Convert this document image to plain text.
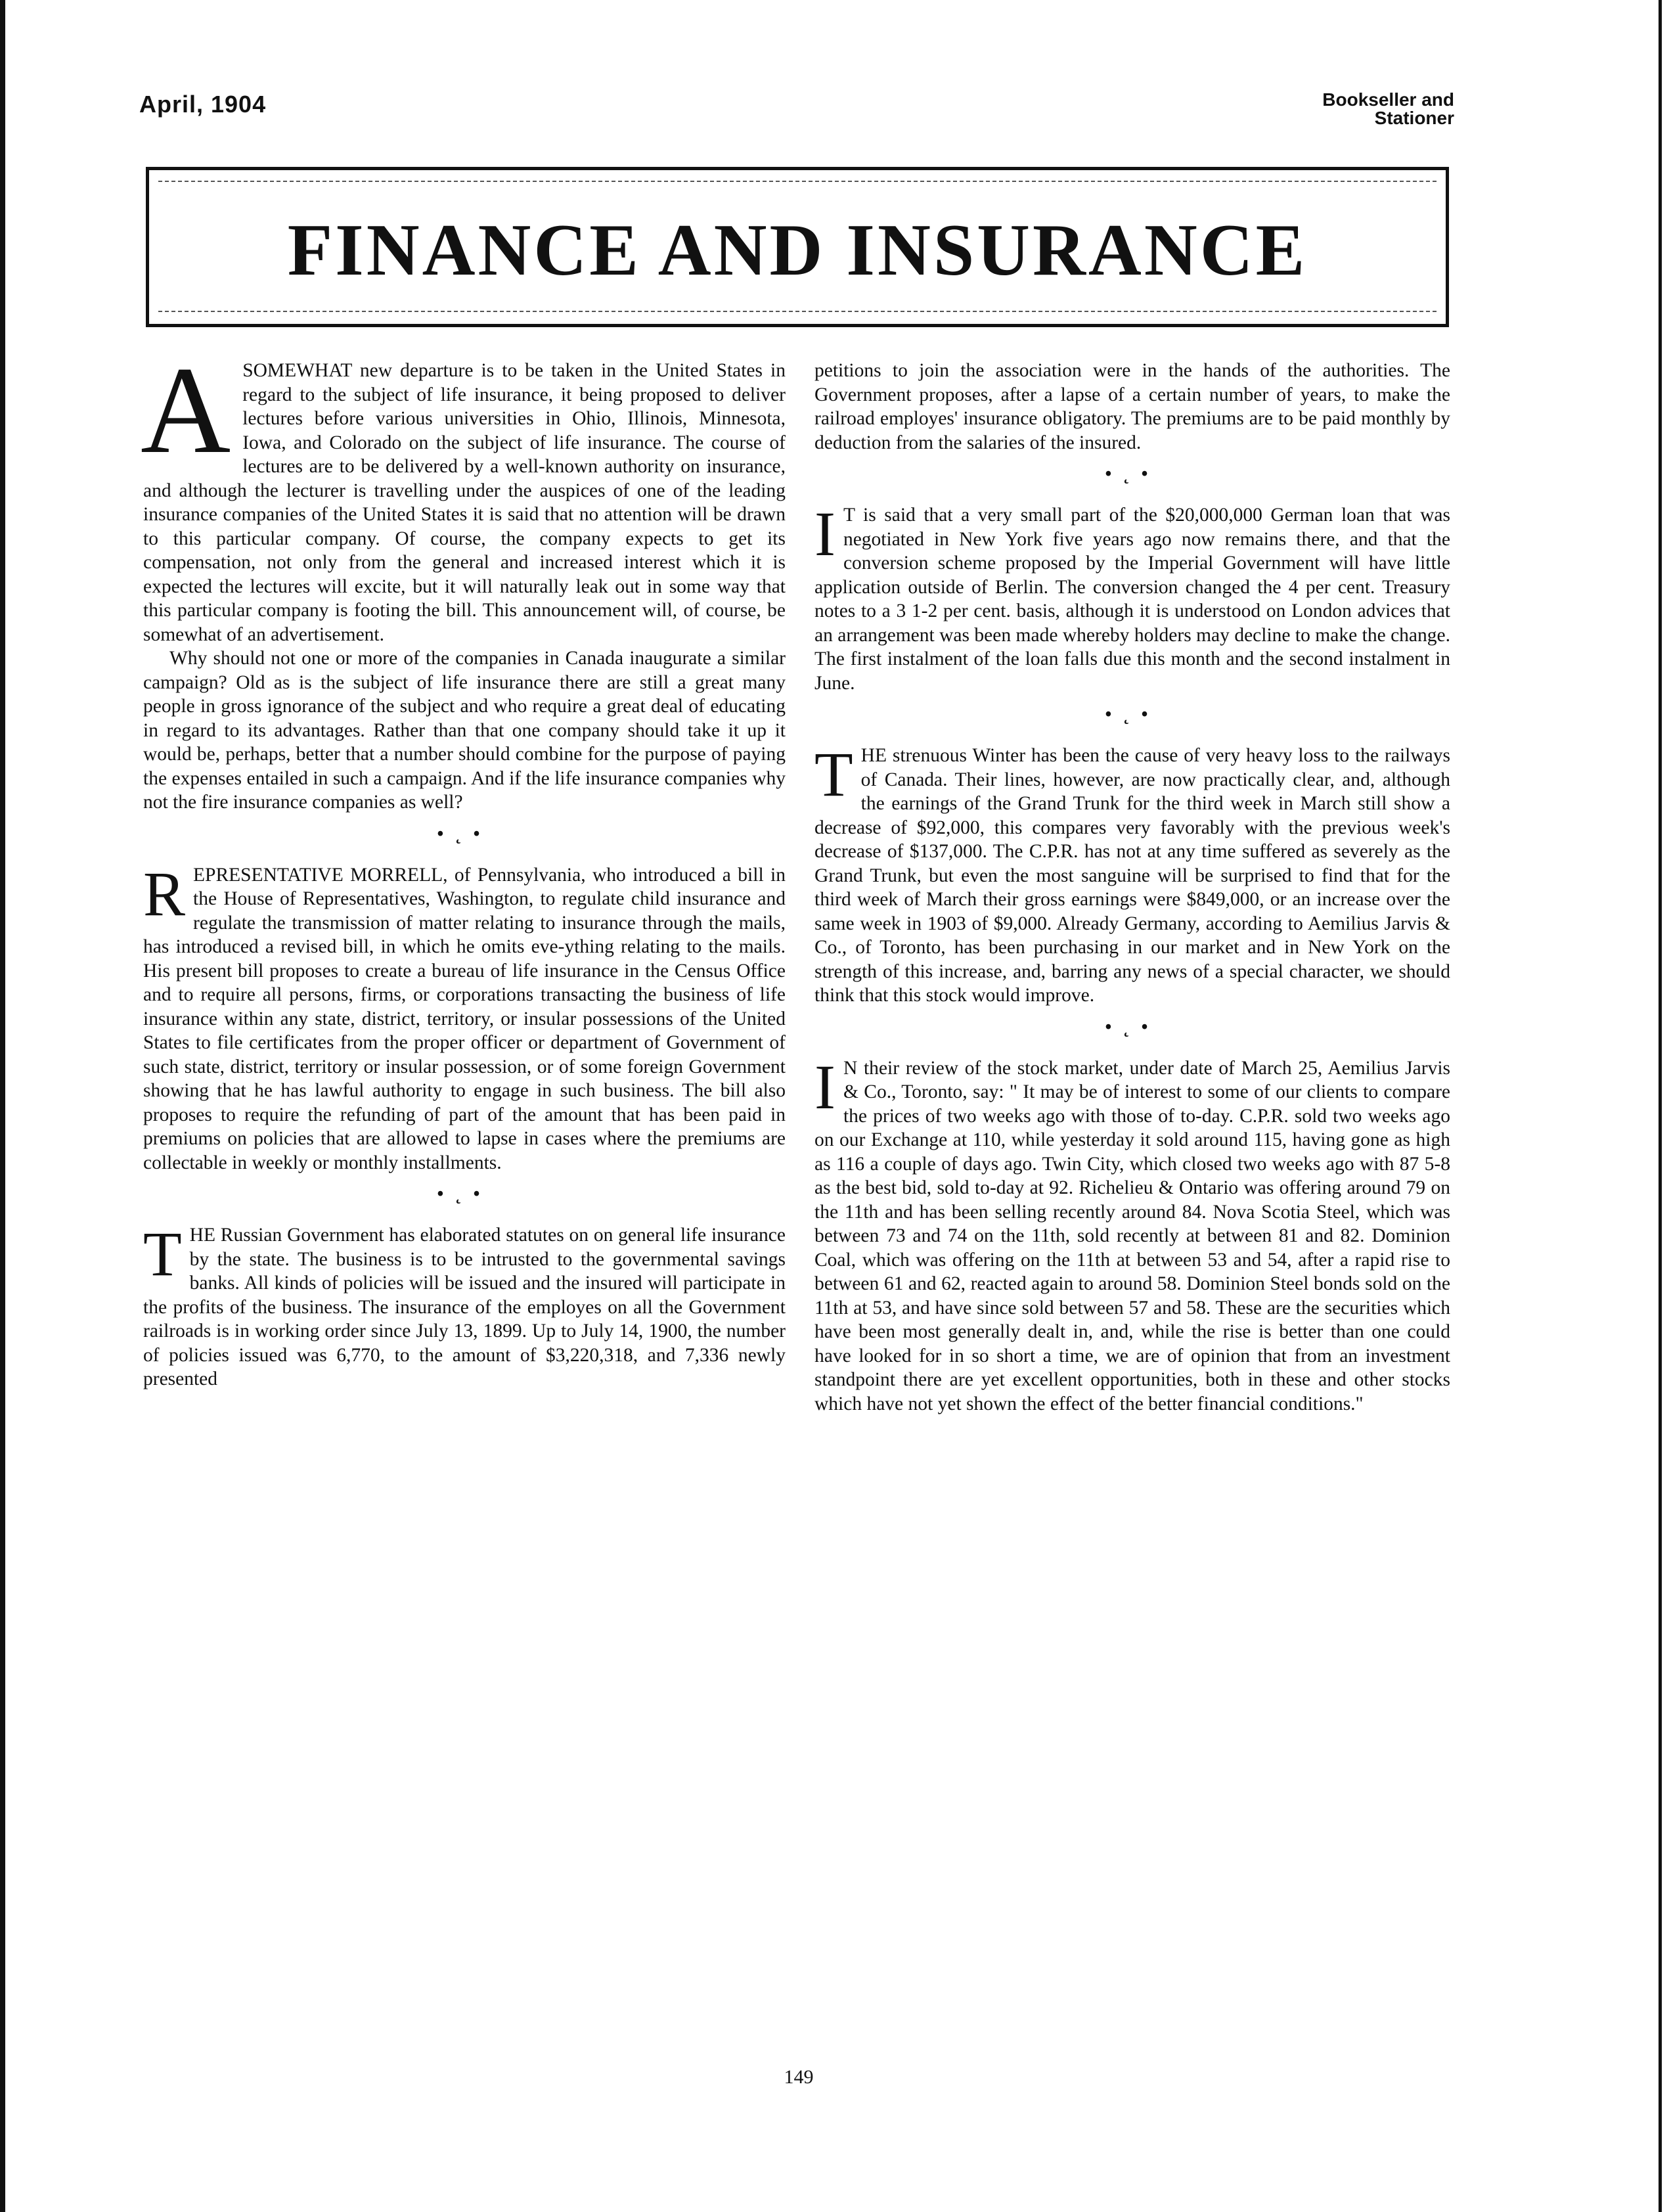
April, 1904	Bookseller and
Stationer
FINANCE AND INSURANCE

ASOMEWHAT new departure is to be taken in the United States in regard to the subject of life insurance, it being proposed to deliver lectures before various universities in Ohio, Illinois, Minnesota, Iowa, and Colorado on the subject of life insurance. The course of lectures are to be delivered by a well-known authority on insurance, and although the lecturer is travelling under the auspices of one of the leading insurance companies of the United States it is said that no attention will be drawn to this particular company. Of course, the company expects to get its compensation, not only from the general and increased interest which it is expected the lectures will excite, but it will naturally leak out in some way that this particular company is footing the bill. This announcement will, of course, be somewhat of an advertisement.

Why should not one or more of the companies in Canada inaugurate a similar campaign? Old as is the subject of life insurance there are still a great many people in gross ignorance of the subject and who require a great deal of educating in regard to its advantages. Rather than that one company should take it up it would be, perhaps, better that a number should combine for the purpose of paying the expenses entailed in such a campaign. And if the life insurance companies why not the fire insurance companies as well?

•˛•

REPRESENTATIVE MORRELL, of Pennsylvania, who introduced a bill in the House of Representatives, Washington, to regulate child insurance and regulate the transmission of matter relating to insurance through the mails, has introduced a revised bill, in which he omits eve-ything relating to the mails. His present bill proposes to create a bureau of life insurance in the Census Office and to require all persons, firms, or corporations transacting the business of life insurance within any state, district, territory, or insular possessions of the United States to file certificates from the proper officer or department of Government of such state, district, territory or insular possession, or of some foreign Government showing that he has lawful authority to engage in such business. The bill also proposes to require the refunding of part of the amount that has been paid in premiums on policies that are allowed to lapse in cases where the premiums are collectable in weekly or monthly installments.

•˛•

THE Russian Government has elaborated statutes on on general life insurance by the state. The business is to be intrusted to the governmental savings banks. All kinds of policies will be issued and the insured will participate in the profits of the business. The insurance of the employes on all the Government railroads is in working order since July 13, 1899. Up to July 14, 1900, the number of policies issued was 6,770, to the amount of $3,220,318, and 7,336 newly presented

petitions to join the association were in the hands of the authorities. The Government proposes, after a lapse of a certain number of years, to make the railroad employes' insurance obligatory. The premiums are to be paid monthly by deduction from the salaries of the insured.

•˛•

I T is said that a very small part of the $20,000,000 German loan that was negotiated in New York five years ago now remains there, and that the conversion scheme proposed by the Imperial Government will have little application outside of Berlin. The conversion changed the 4 per cent. Treasury notes to a 3 1-2 per cent. basis, although it is understood on London advices that an arrangement was been made whereby holders may decline to make the change. The first instalment of the loan falls due this month and the second instalment in June.

•˛•

THE strenuous Winter has been the cause of very heavy loss to the railways of Canada. Their lines, however, are now practically clear, and, although the earnings of the Grand Trunk for the third week in March still show a decrease of $92,000, this compares very favorably with the previous week's decrease of $137,000. The C.P.R. has not at any time suffered as severely as the Grand Trunk, but even the most sanguine will be surprised to find that for the third week of March their gross earnings were $849,000, or an increase over the same week in 1903 of $9,000. Already Germany, according to Aemilius Jarvis & Co., of Toronto, has been purchasing in our market and in New York on the strength of this increase, and, barring any news of a special character, we should think that this stock would improve.

•˛•

I N their review of the stock market, under date of March 25, Aemilius Jarvis & Co., Toronto, say: " It may be of interest to some of our clients to compare the prices of two weeks ago with those of to-day. C.P.R. sold two weeks ago on our Exchange at 110, while yesterday it sold around 115, having gone as high as 116 a couple of days ago. Twin City, which closed two weeks ago with 87 5-8 as the best bid, sold to-day at 92. Richelieu & Ontario was offering around 79 on the 11th and has been selling recently around 84. Nova Scotia Steel, which was between 73 and 74 on the 11th, sold recently at between 81 and 82. Dominion Coal, which was offering on the 11th at between 53 and 54, after a rapid rise to between 61 and 62, reacted again to around 58. Dominion Steel bonds sold on the 11th at 53, and have since sold between 57 and 58. These are the securities which have been most generally dealt in, and, while the rise is better than one could have looked for in so short a time, we are of opinion that from an investment standpoint there are yet excellent opportunities, both in these and other stocks which have not yet shown the effect of the better financial conditions."

149
